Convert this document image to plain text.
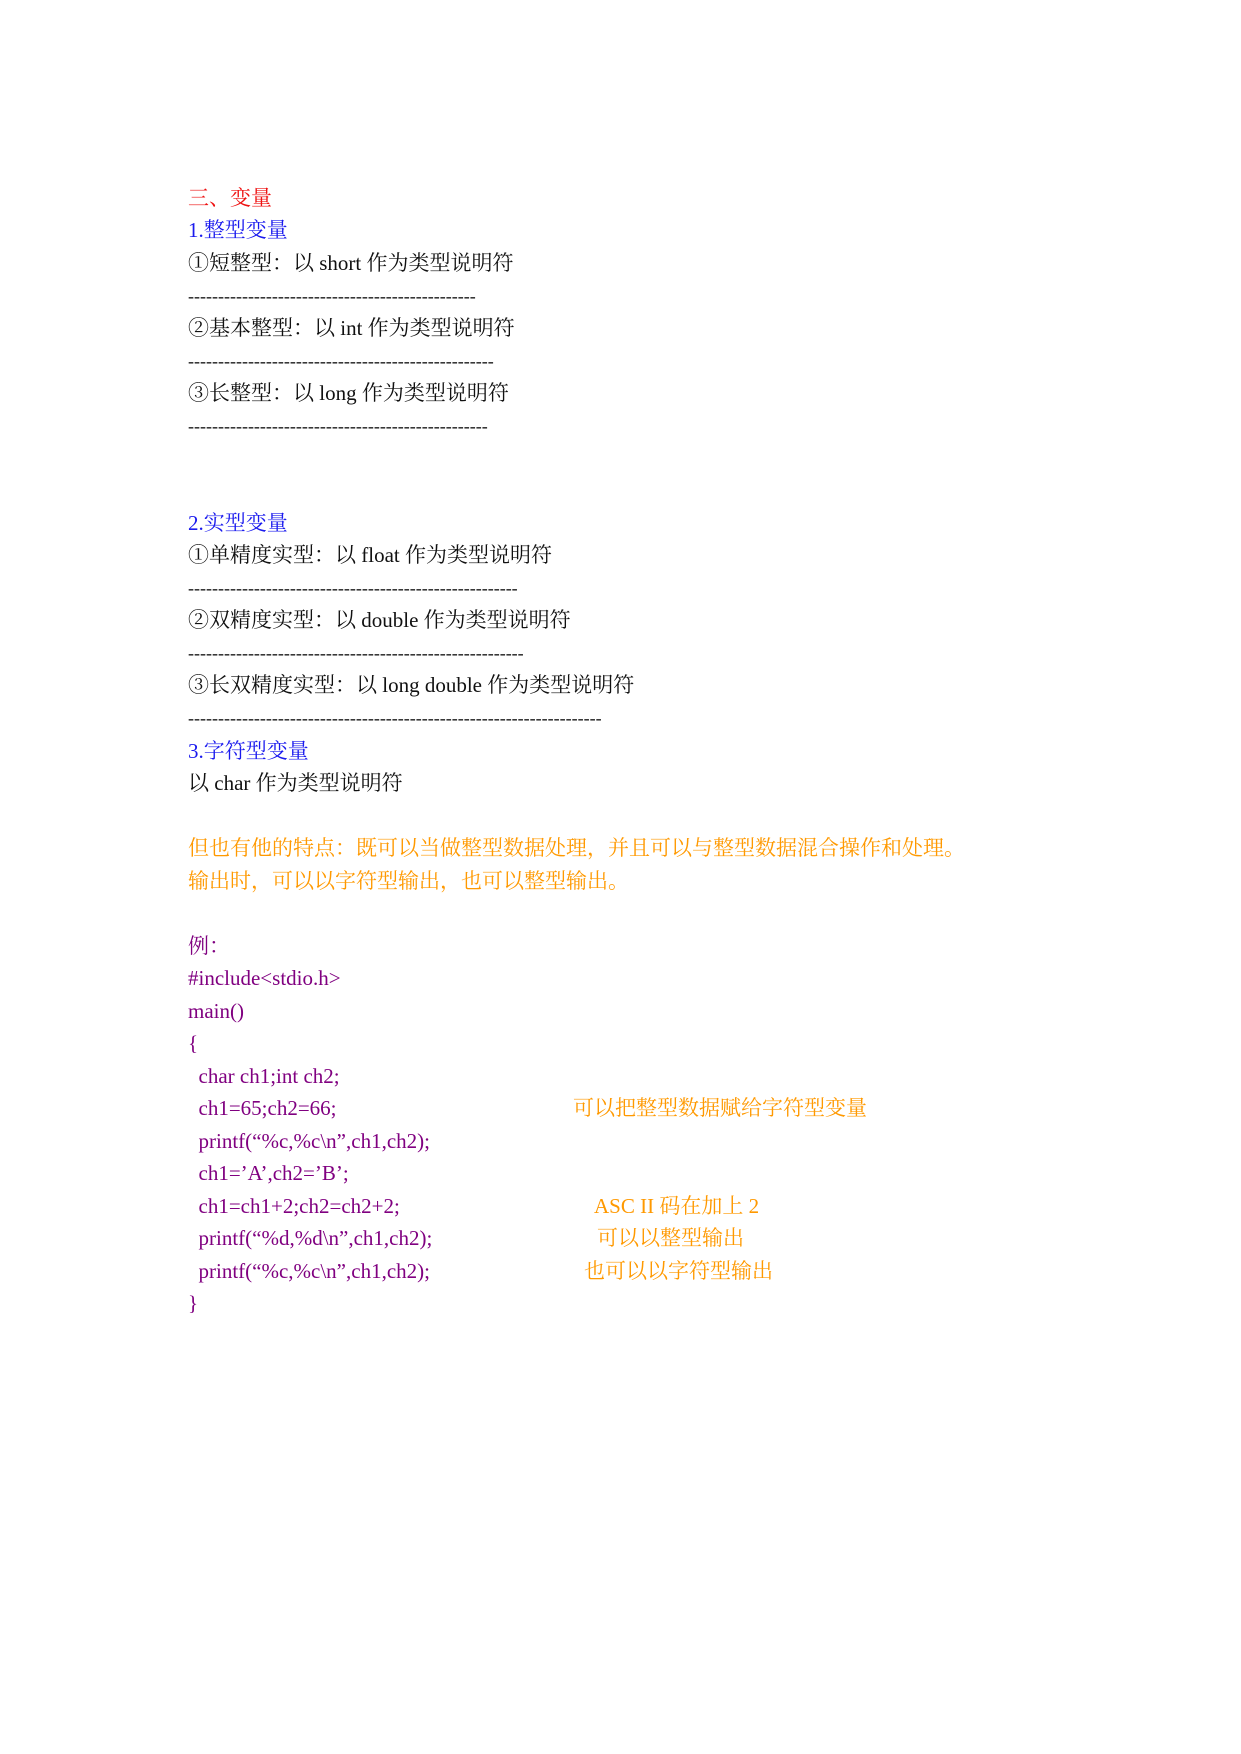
三、变量
1.整型变量
①短整型：以 short 作为类型说明符
------------------------------------------------
②基本整型：以 int 作为类型说明符
---------------------------------------------------
③长整型：以 long 作为类型说明符
--------------------------------------------------
2.实型变量
①单精度实型：以 float 作为类型说明符
-------------------------------------------------------
②双精度实型：以 double 作为类型说明符
--------------------------------------------------------
③长双精度实型：以 long double 作为类型说明符
---------------------------------------------------------------------
3.字符型变量
以 char 作为类型说明符
但也有他的特点：既可以当做整型数据处理，并且可以与整型数据混合操作和处理。
输出时，可以以字符型输出，也可以整型输出。
例：
#include<stdio.h>
main()
{
char ch1;int ch2;
ch1=65;ch2=66;
printf(“%c,%c\n”,ch1,ch2);
ch1=’A’,ch2=’B’;
ch1=ch1+2;ch2=ch2+2;
printf(“%d,%d\n”,ch1,ch2);
printf(“%c,%c\n”,ch1,ch2);
}
可以把整型数据赋给字符型变量
ASC II 码在加上 2
可以以整型输出
也可以以字符型输出
